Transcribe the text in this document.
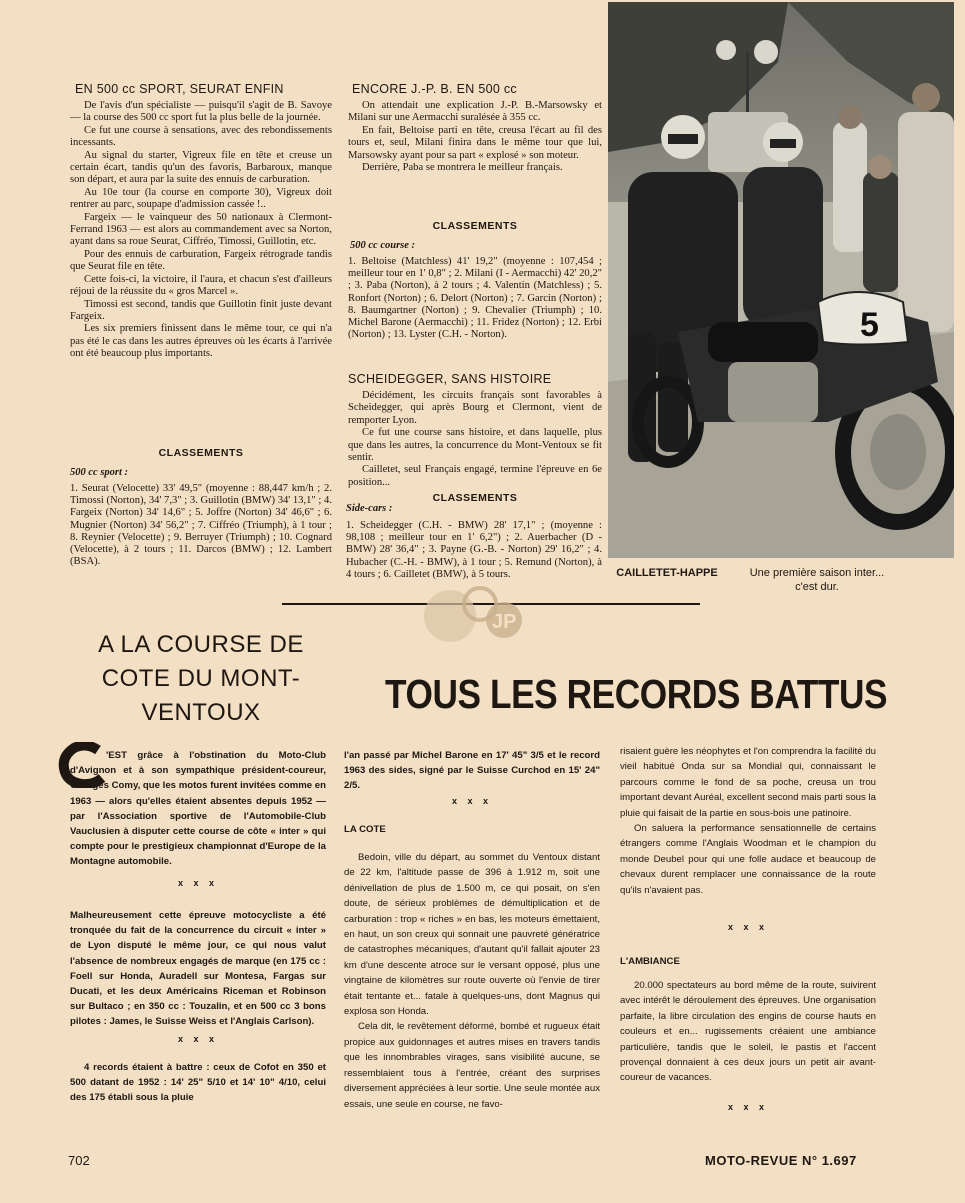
EN 500 cc SPORT, SEURAT ENFIN

De l'avis d'un spécialiste — puisqu'il s'agit de B. Savoye — la course des 500 cc sport fut la plus belle de la journée.

Ce fut une course à sensations, avec des rebondissements incessants.

Au signal du starter, Vigreux file en tête et creuse un certain écart, tandis qu'un des favoris, Barbaroux, manque son départ, et aura par la suite des ennuis de carburation.

Au 10e tour (la course en comporte 30), Vigreux doit rentrer au parc, soupape d'admission cassée !..

Fargeix — le vainqueur des 50 nationaux à Clermont-Ferrand 1963 — est alors au commandement avec sa Norton, ayant dans sa roue Seurat, Ciffréo, Timossi, Guillotin, etc.

Pour des ennuis de carburation, Fargeix rétrograde tandis que Seurat file en tête.

Cette fois-ci, la victoire, il l'aura, et chacun s'est d'ailleurs réjoui de la réussite du « gros Marcel ».

Timossi est second, tandis que Guillotin finit juste devant Fargeix.

Les six premiers finissent dans le même tour, ce qui n'a pas été le cas dans les autres épreuves où les écarts à l'arrivée ont été beaucoup plus importants.

CLASSEMENTS
500 cc sport :
1. Seurat (Velocette) 33' 49,5" (moyenne : 88,447 km/h ; 2. Timossi (Norton), 34' 7,3" ; 3. Guillotin (BMW) 34' 13,1" ; 4. Fargeix (Norton) 34' 14,6" ; 5. Joffre (Norton) 34' 46,6" ; 6. Mugnier (Norton) 34' 56,2" ; 7. Ciffréo (Triumph), à 1 tour ; 8. Reynier (Velocette) ; 9. Berruyer (Triumph) ; 10. Cognard (Velocette), à 2 tours ; 11. Darcos (BMW) ; 12. Lambert (BSA).
ENCORE J.-P. B. EN 500 cc

On attendait une explication J.-P. B.-Marsowsky et Milani sur une Aermacchi suralésée à 355 cc.

En fait, Beltoise parti en tête, creusa l'écart au fil des tours et, seul, Milani finira dans le même tour que lui, Marsowsky ayant pour sa part « explosé » son moteur.

Derrière, Paba se montrera le meilleur français.

CLASSEMENTS
500 cc course :
1. Beltoise (Matchless) 41' 19,2" (moyenne : 107,454 ; meilleur tour en 1' 0,8" ; 2. Milani (I - Aermacchi) 42' 20,2" ; 3. Paba (Norton), à 2 tours ; 4. Valentin (Matchless) ; 5. Ronfort (Norton) ; 6. Delort (Norton) ; 7. Garcin (Norton) ; 8. Baumgartner (Norton) ; 9. Chevalier (Triumph) ; 10. Michel Barone (Aermacchi) ; 11. Fridez (Norton) ; 12. Erbi (Norton) ; 13. Lyster (C.H. - Norton).
SCHEIDEGGER, SANS HISTOIRE

Décidément, les circuits français sont favorables à Scheidegger, qui après Bourg et Clermont, vient de remporter Lyon.

Ce fut une course sans histoire, et dans laquelle, plus que dans les autres, la concurrence du Mont-Ventoux se fit sentir.

Cailletet, seul Français engagé, termine l'épreuve en 6e position...

CLASSEMENTS
Side-cars :
1. Scheidegger (C.H. - BMW) 28' 17,1" ; (moyenne : 98,108 ; meilleur tour en 1' 6,2") ; 2. Auerbacher (D - BMW) 28' 36,4" ; 3. Payne (G.-B. - Norton) 29' 16,2" ; 4. Hubacher (C.-H. - BMW), à 1 tour ; 5. Remund (Norton), à 4 tours ; 6. Cailletet (BMW), à 5 tours.
5
CAILLETET-HAPPE	Une première saison inter... c'est dur.
JP
A LA COURSE DE COTE DU MONT-VENTOUX	TOUS LES RECORDS BATTUS
'EST grâce à l'obstination du Moto-Club d'Avignon et à son sympathique président-coureur, Georges Comy, que les motos furent invitées comme en 1963 — alors qu'elles étaient absentes depuis 1952 — par l'Association sportive de l'Automobile-Club Vauclusien à disputer cette course de côte « inter » qui compte pour le prestigieux championnat d'Europe de la Montagne automobile.
x x x
Malheureusement cette épreuve motocycliste a été tronquée du fait de la concurrence du circuit « inter » de Lyon disputé le même jour, ce qui nous valut l'absence de nombreux engagés de marque (en 175 cc : Foell sur Honda, Auradell sur Montesa, Fargas sur Ducati, et les deux Américains Riceman et Robinson sur Bultaco ; en 350 cc : Touzalin, et en 500 cc 3 bons pilotes : James, le Suisse Weiss et l'Anglais Carlson).
x x x
4 records étaient à battre : ceux de Cofot en 350 et 500 datant de 1952 : 14' 25" 5/10 et 14' 10" 4/10, celui des 175 établi sous la pluie
l'an passé par Michel Barone en 17' 45" 3/5 et le record 1963 des sides, signé par le Suisse Curchod en 15' 24" 2/5.
x x x
LA COTE

Bedoin, ville du départ, au sommet du Ventoux distant de 22 km, l'altitude passe de 396 à 1.912 m, soit une dénivellation de plus de 1.500 m, ce qui posait, on s'en doute, de sérieux problèmes de démultiplication et de carburation : trop « riches » en bas, les moteurs émettaient, en haut, un son creux qui sonnait une pauvreté génératrice de catastrophes mécaniques, d'autant qu'il fallait ajouter 23 km d'une descente atroce sur le versant opposé, plus une vingtaine de kilomètres sur route ouverte où l'envie de tirer était tentante et... fatale à quelques-uns, dont Magnus qui explosa son Honda.

Cela dit, le revêtement déformé, bombé et rugueux était propice aux guidonnages et autres mises en travers tandis que les innombrables virages, sans visibilité aucune, se ressemblaient tous à l'entrée, créant des surprises diversement appréciées à leur sortie. Une seule montée aux essais, une seule en course, ne favo-

risaient guère les néophytes et l'on comprendra la facilité du vieil habitué Onda sur sa Mondial qui, connaissant le parcours comme le fond de sa poche, creusa un trou important devant Auréal, excellent second mais parti sous la pluie qui faisait de la partie en sous-bois une patinoire.

On saluera la performance sensationnelle de certains étrangers comme l'Anglais Woodman et le champion du monde Deubel pour qui une folle audace et beaucoup de chevaux durent remplacer une connaissance de la route qu'ils n'avaient pas.

x x x
L'AMBIANCE

20.000 spectateurs au bord même de la route, suivirent avec intérêt le déroulement des épreuves. Une organisation parfaite, la libre circulation des engins de course hauts en couleurs et en... rugissements créaient une ambiance particulière, tandis que le soleil, le pastis et l'accent provençal donnaient à ces deux jours un petit air avant-coureur de vacances.

x x x
702	MOTO-REVUE N° 1.697
